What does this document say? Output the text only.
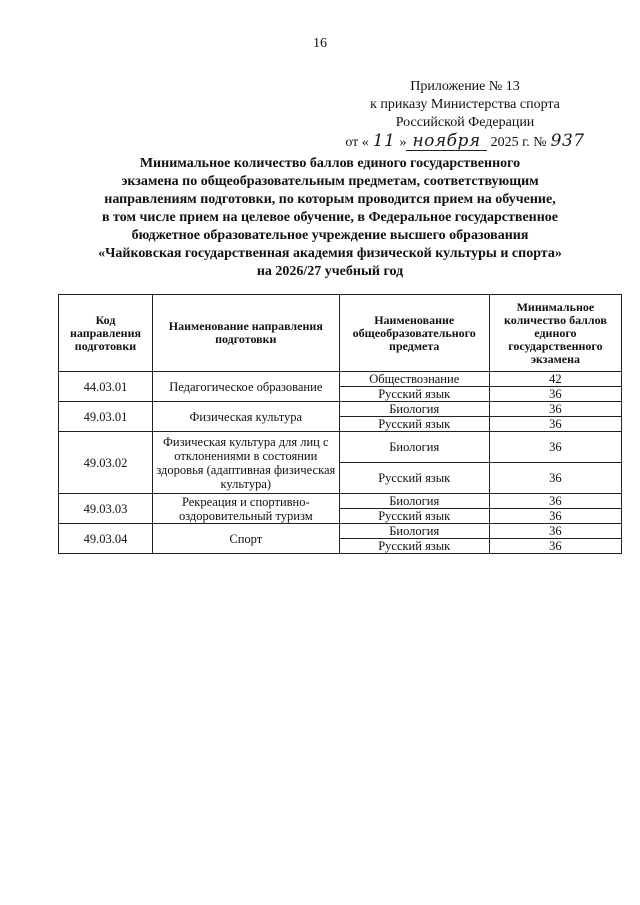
16
Приложение № 13
к приказу Министерства спорта
Российской Федерации
от « 11 » ноября 2025 г. № 937
Минимальное количество баллов единого государственного
экзамена по общеобразовательным предметам, соответствующим
направлениям подготовки, по которым проводится прием на обучение,
в том числе прием на целевое обучение, в Федеральное государственное
бюджетное образовательное учреждение высшего образования
«Чайковская государственная академия физической культуры и спорта»
на 2026/27 учебный год
Код направления подготовки	Наименование направления подготовки	Наименование общеобразовательного предмета	Минимальное количество баллов единого государственного экзамена
44.03.01	Педагогическое образование	Обществознание	42
		Русский язык	36
49.03.01	Физическая культура	Биология	36
		Русский язык	36
49.03.02	Физическая культура для лиц с отклонениями в состоянии здоровья (адаптивная физическая культура)	Биология	36
		Русский язык	36
49.03.03	Рекреация и спортивно-оздоровительный туризм	Биология	36
		Русский язык	36
49.03.04	Спорт	Биология	36
		Русский язык	36
